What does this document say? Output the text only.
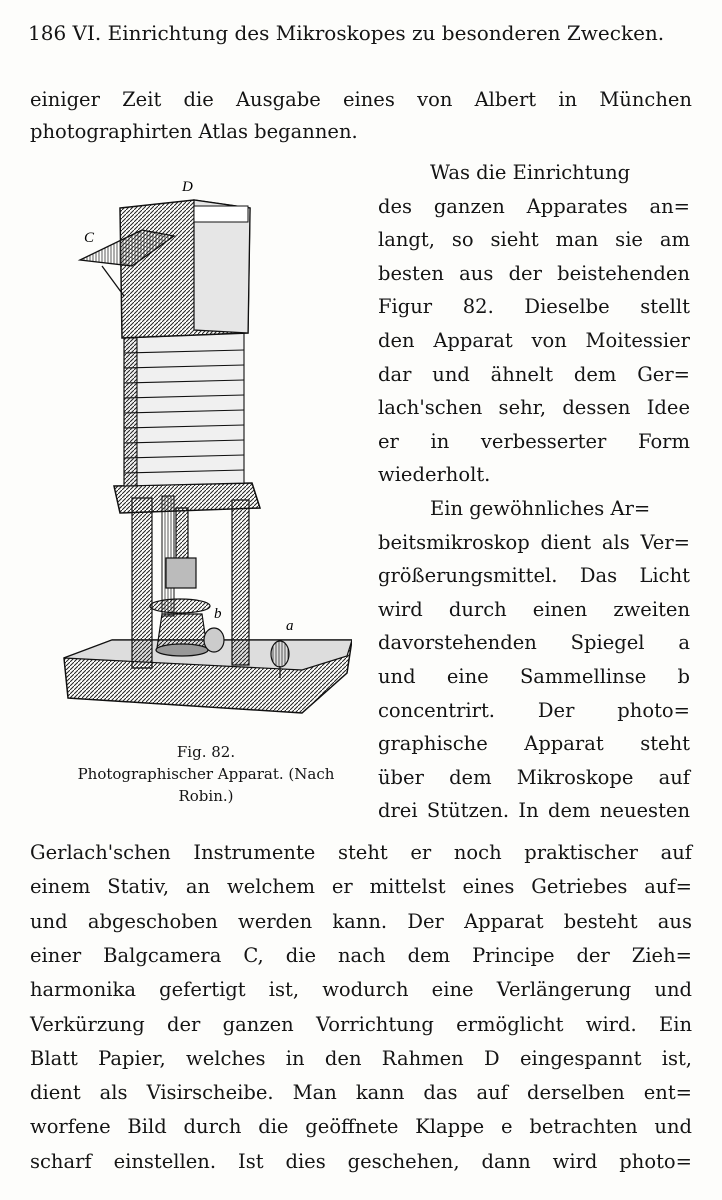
186 VI. Einrichtung des Mikroskopes zu besonderen Zwecken.
einiger Zeit die Ausgabe eines von Albert in München
photographirten Atlas begannen.
Was die Einrichtung
des ganzen Apparates an=
langt, so sieht man sie am
besten aus der beistehenden
Figur 82. Dieselbe stellt
den Apparat von Moitessier
dar und ähnelt dem Ger=
lach'schen sehr, dessen Idee
er in verbesserter Form
wiederholt.
Ein gewöhnliches Ar=
beitsmikroskop dient als Ver=
größerungsmittel. Das Licht
wird durch einen zweiten
davorstehenden Spiegel a
und eine Sammellinse b
concentrirt. Der photo=
graphische Apparat steht
über dem Mikroskope auf
drei Stützen. In dem neuesten
Gerlach'schen Instrumente steht er noch praktischer auf
einem Stativ, an welchem er mittelst eines Getriebes auf=
und abgeschoben werden kann. Der Apparat besteht aus
einer Balgcamera C, die nach dem Principe der Zieh=
harmonika gefertigt ist, wodurch eine Verlängerung und
Verkürzung der ganzen Vorrichtung ermöglicht wird. Ein
Blatt Papier, welches in den Rahmen D eingespannt ist,
dient als Visirscheibe. Man kann das auf derselben ent=
worfene Bild durch die geöffnete Klappe e betrachten und
scharf einstellen. Ist dies geschehen, dann wird photo=
D
C
b
a
Fig. 82.
Photographischer Apparat. (Nach
Robin.)
